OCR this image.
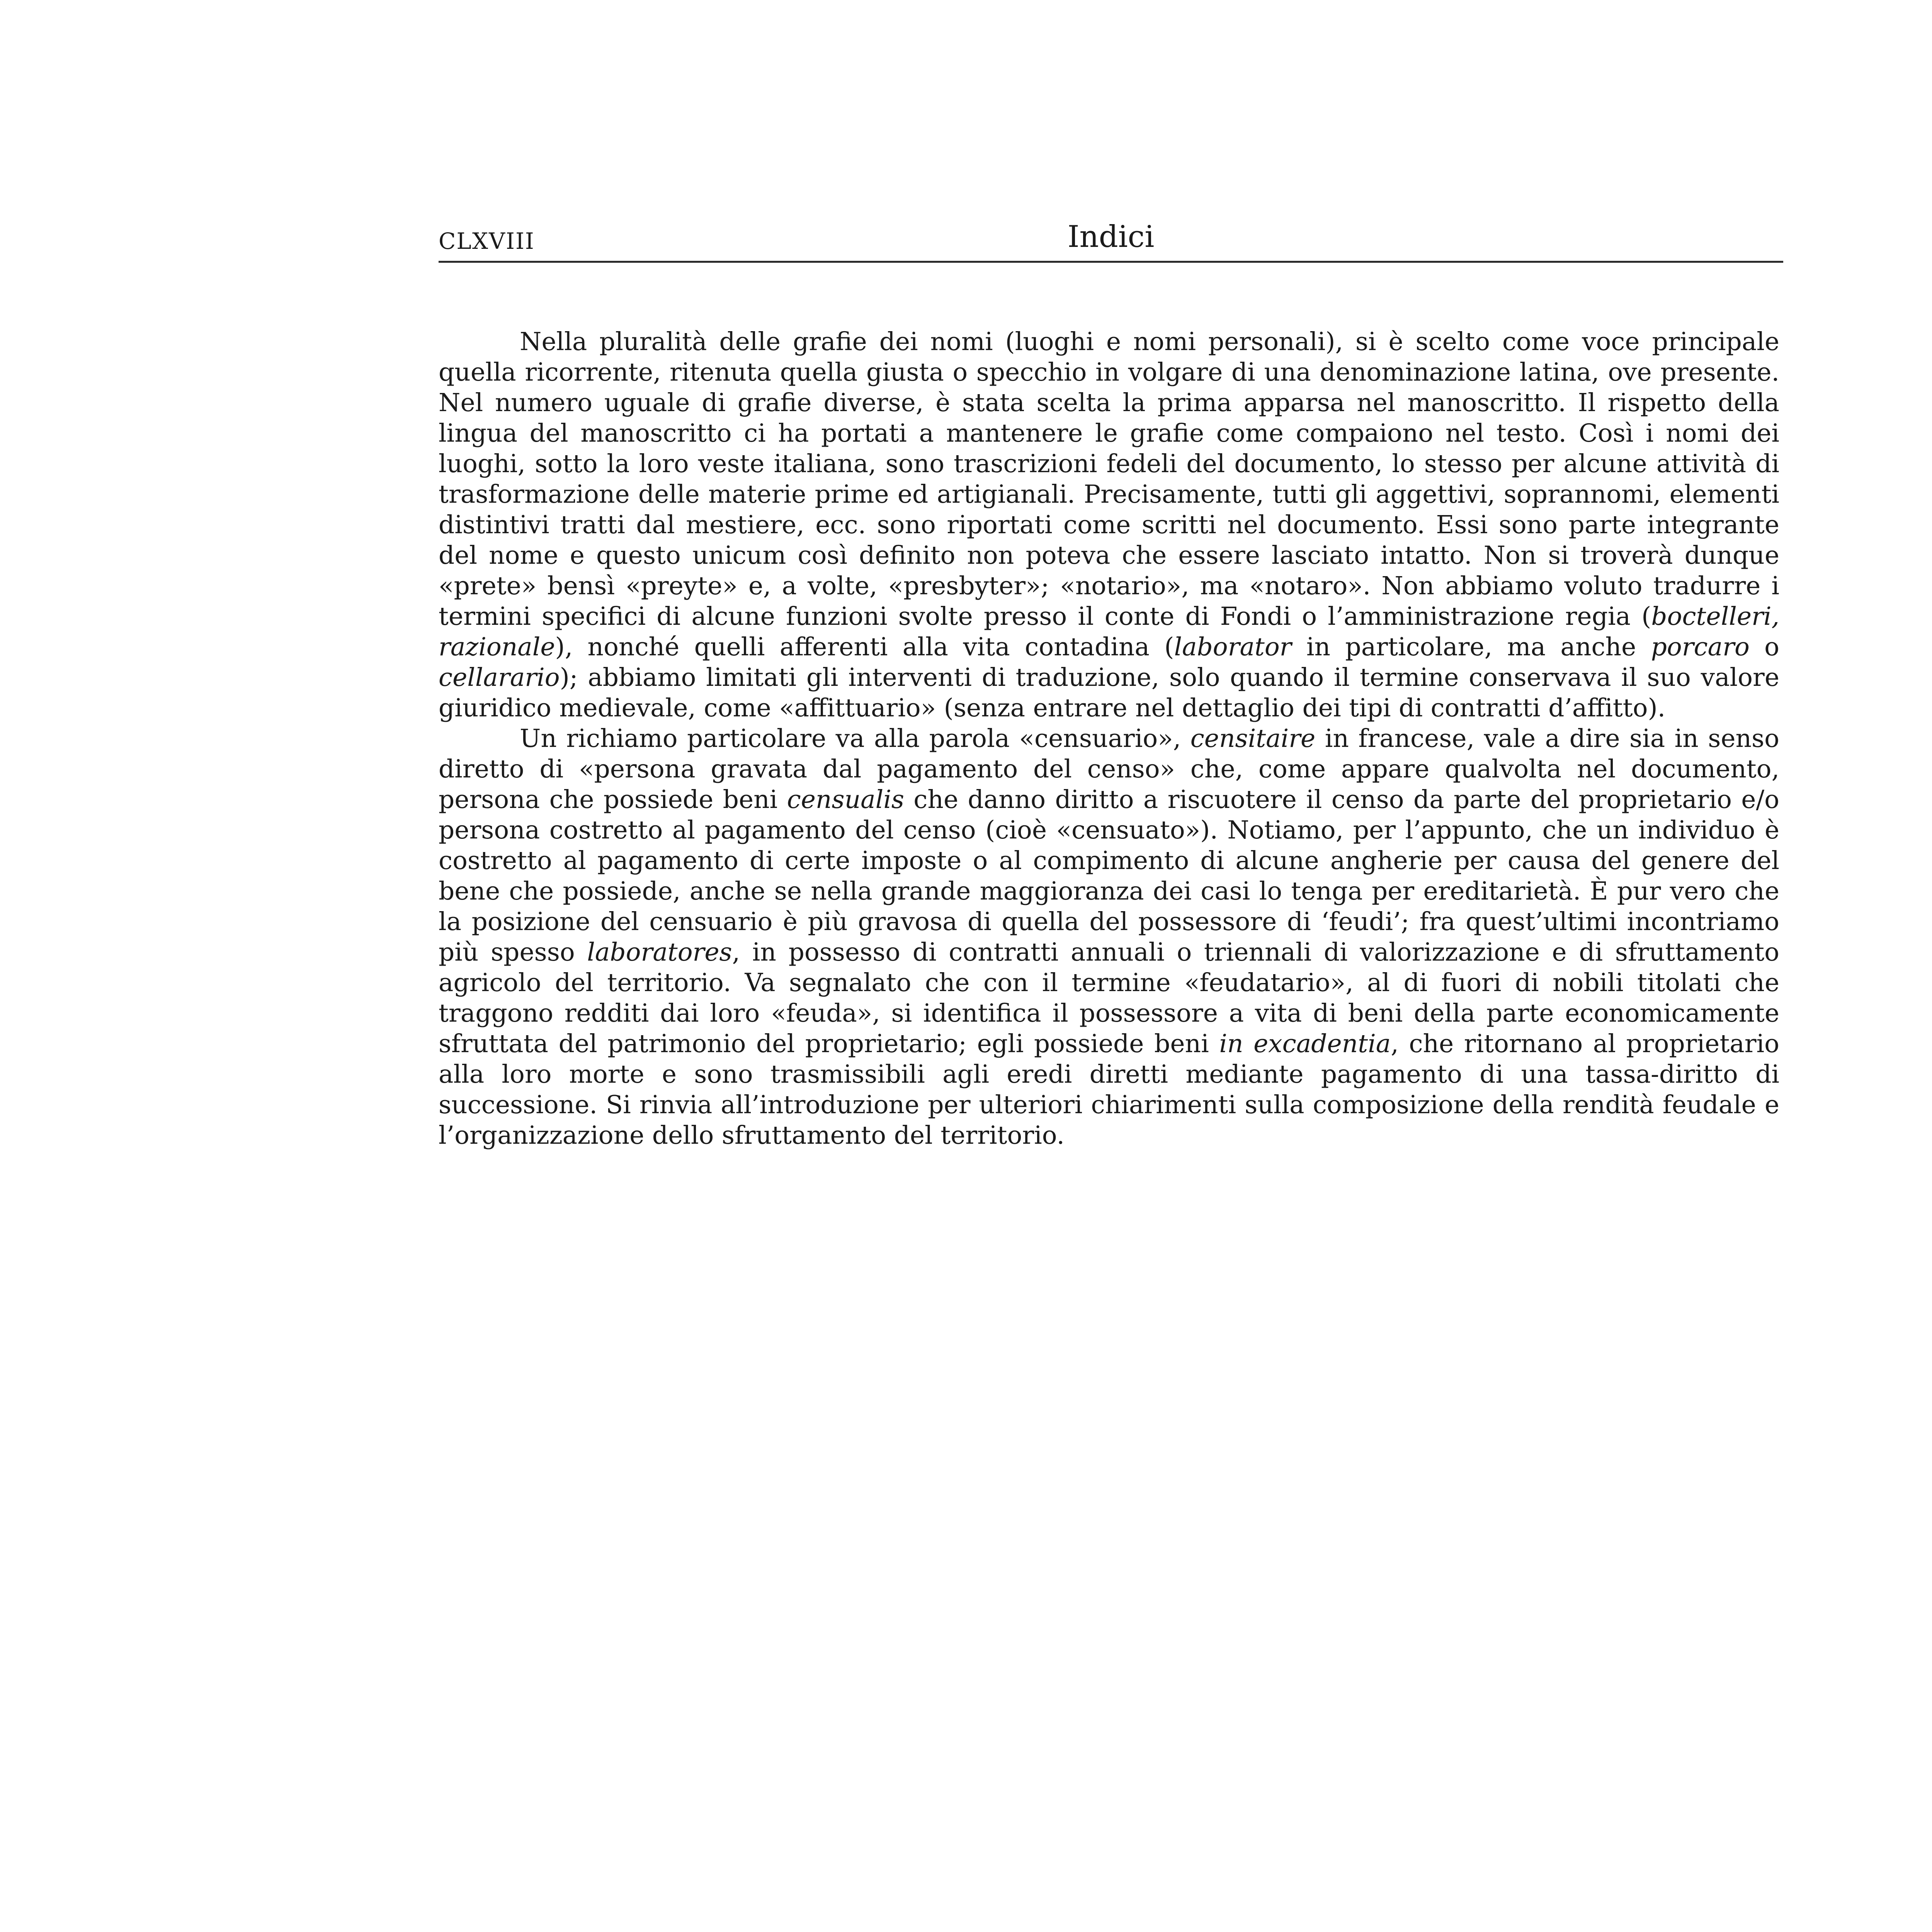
CLXVIII	Indici

Nella pluralità delle grafie dei nomi (luoghi e nomi personali), si è scelto come voce principale quella ricorrente, ritenuta quella giusta o specchio in volgare di una denominazione latina, ove presente. Nel numero uguale di grafie diverse, è stata scelta la prima apparsa nel manoscritto. Il rispetto della lingua del manoscritto ci ha portati a mantenere le grafie come compaiono nel testo. Così i nomi dei luoghi, sotto la loro veste italiana, sono trascrizioni fedeli del documento, lo stesso per alcune attività di trasformazione delle materie prime ed artigianali. Precisamente, tutti gli aggettivi, soprannomi, elementi distintivi tratti dal mestiere, ecc. sono riportati come scritti nel documento. Essi sono parte integrante del nome e questo unicum così definito non poteva che essere lasciato intatto. Non si troverà dunque «prete» bensì «preyte» e, a volte, «presbyter»; «notario», ma «notaro». Non abbiamo voluto tradurre i termini specifici di alcune funzioni svolte presso il conte di Fondi o l’amministrazione regia (boctelleri, razionale), nonché quelli afferenti alla vita contadina (laborator in particolare, ma anche porcaro o cellarario); abbiamo limitati gli interventi di traduzione, solo quando il termine conservava il suo valore giuridico medievale, come «affittuario» (senza entrare nel dettaglio dei tipi di contratti d’affitto).

Un richiamo particolare va alla parola «censuario», censitaire in francese, vale a dire sia in senso diretto di «persona gravata dal pagamento del censo» che, come appare qualvolta nel documento, persona che possiede beni censualis che danno diritto a riscuotere il censo da parte del proprietario e/o persona costretto al pagamento del censo (cioè «censuato»). Notiamo, per l’appunto, che un individuo è costretto al pagamento di certe imposte o al compimento di alcune angherie per causa del genere del bene che possiede, anche se nella grande maggioranza dei casi lo tenga per ereditarietà. È pur vero che la posizione del censuario è più gravosa di quella del possessore di ‘feudi’; fra quest’ultimi incontriamo più spesso laboratores, in possesso di contratti annuali o triennali di valorizzazione e di sfruttamento agricolo del territorio. Va segnalato che con il termine «feudatario», al di fuori di nobili titolati che traggono redditi dai loro «feuda», si identifica il possessore a vita di beni della parte economicamente sfruttata del patrimonio del proprietario; egli possiede beni in excadentia, che ritornano al proprietario alla loro morte e sono trasmissibili agli eredi diretti mediante pagamento di una tassa-diritto di successione. Si rinvia all’introduzione per ulteriori chiarimenti sulla composizione della rendità feudale e l’organizzazione dello sfruttamento del territorio.
